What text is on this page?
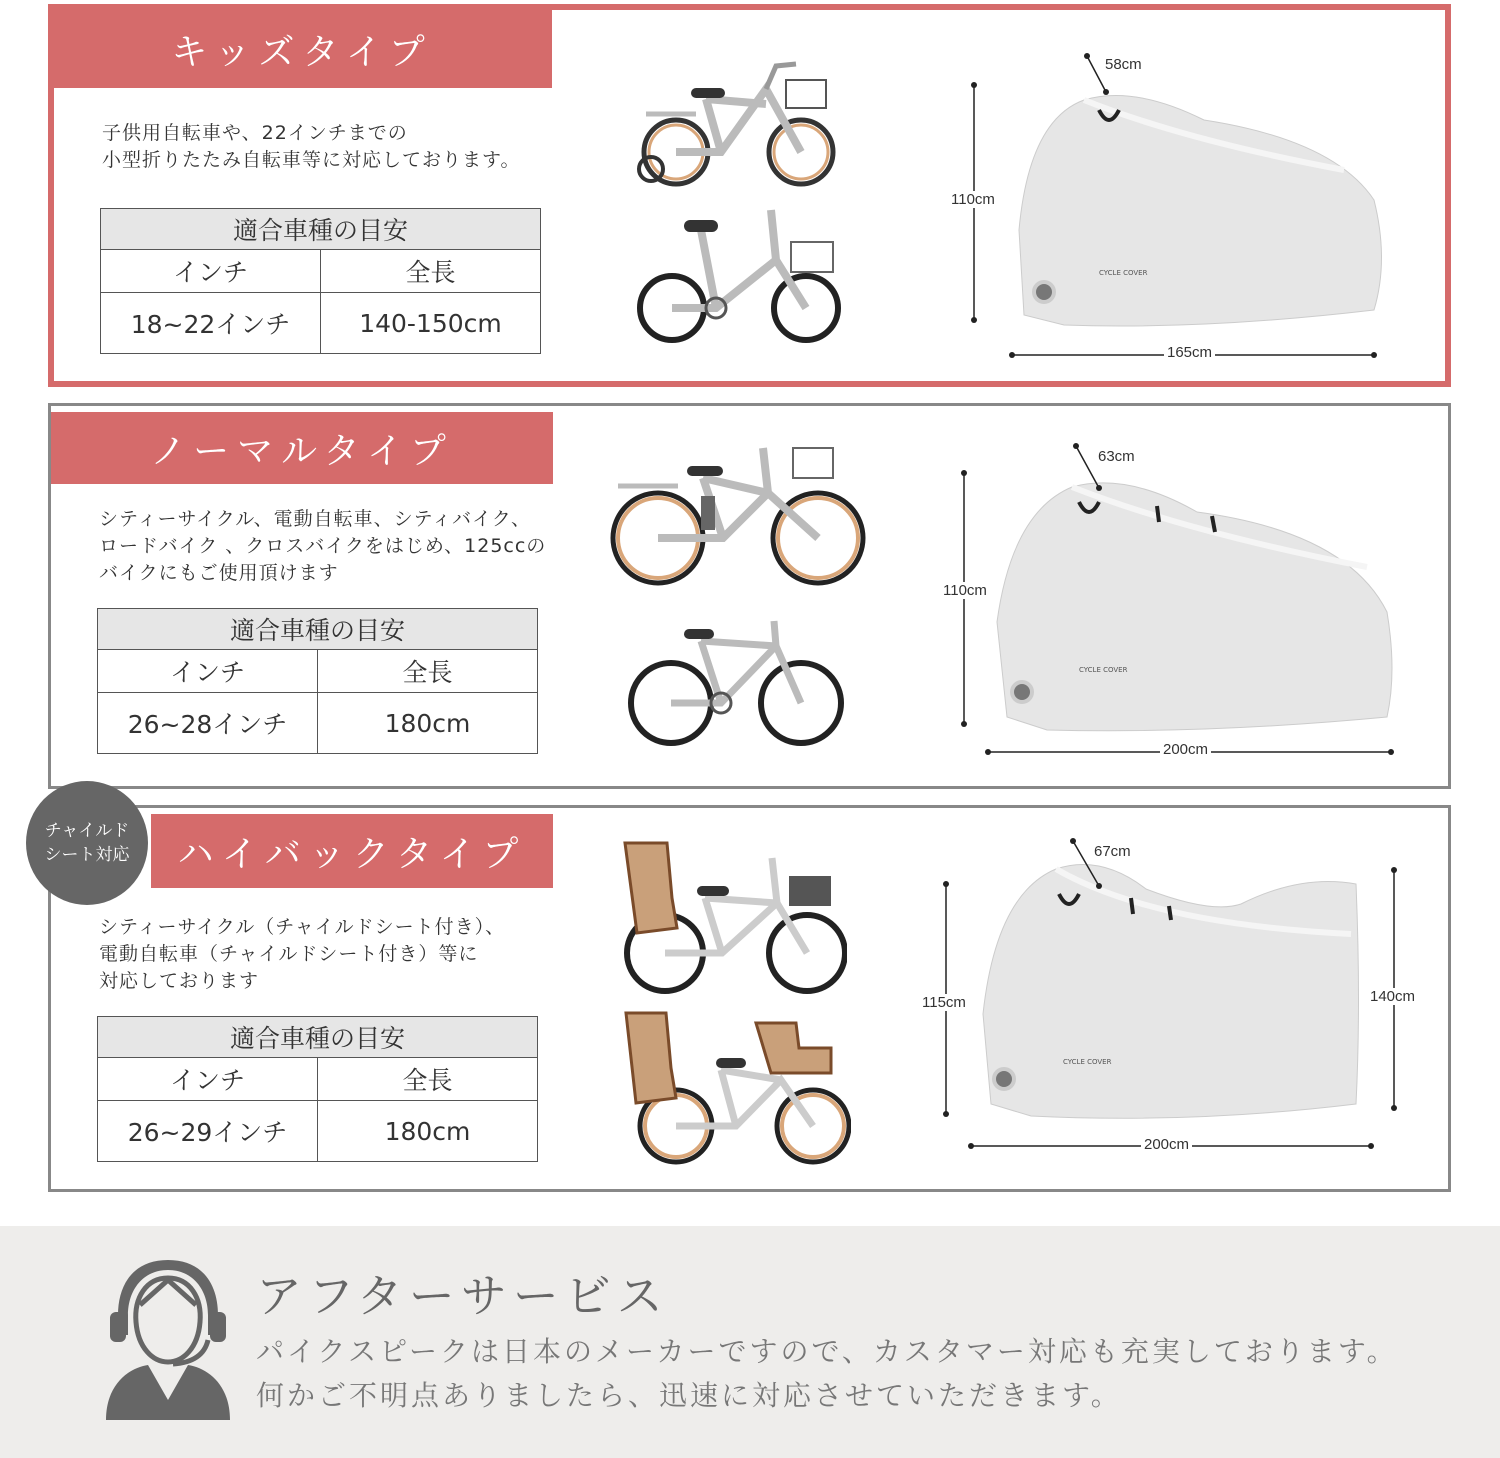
キッズタイプ
子供用自転車や、22インチまでの
小型折りたたみ自転車等に対応しております。
適合車種の目安	
インチ	全長
18~22インチ	140-150cm
CYCLE COVER
58cm
110cm
165cm
ノーマルタイプ
シティーサイクル、電動自転車、シティバイク、
ロードバイク 、クロスバイクをはじめ、125ccの
バイクにもご使用頂けます
適合車種の目安	
インチ	全長
26~28インチ	180cm
CYCLE COVER
63cm
110cm
200cm
チャイルド
シート対応	ハイバックタイプ
シティーサイクル（チャイルドシート付き）、
電動自転車（チャイルドシート付き）等に
対応しております
適合車種の目安	
インチ	全長
26~29インチ	180cm
CYCLE COVER
67cm
115cm	140cm
200cm
アフターサービス
パイクスピークは日本のメーカーですので、カスタマー対応も充実しております。
何かご不明点ありましたら、迅速に対応させていただきます。
